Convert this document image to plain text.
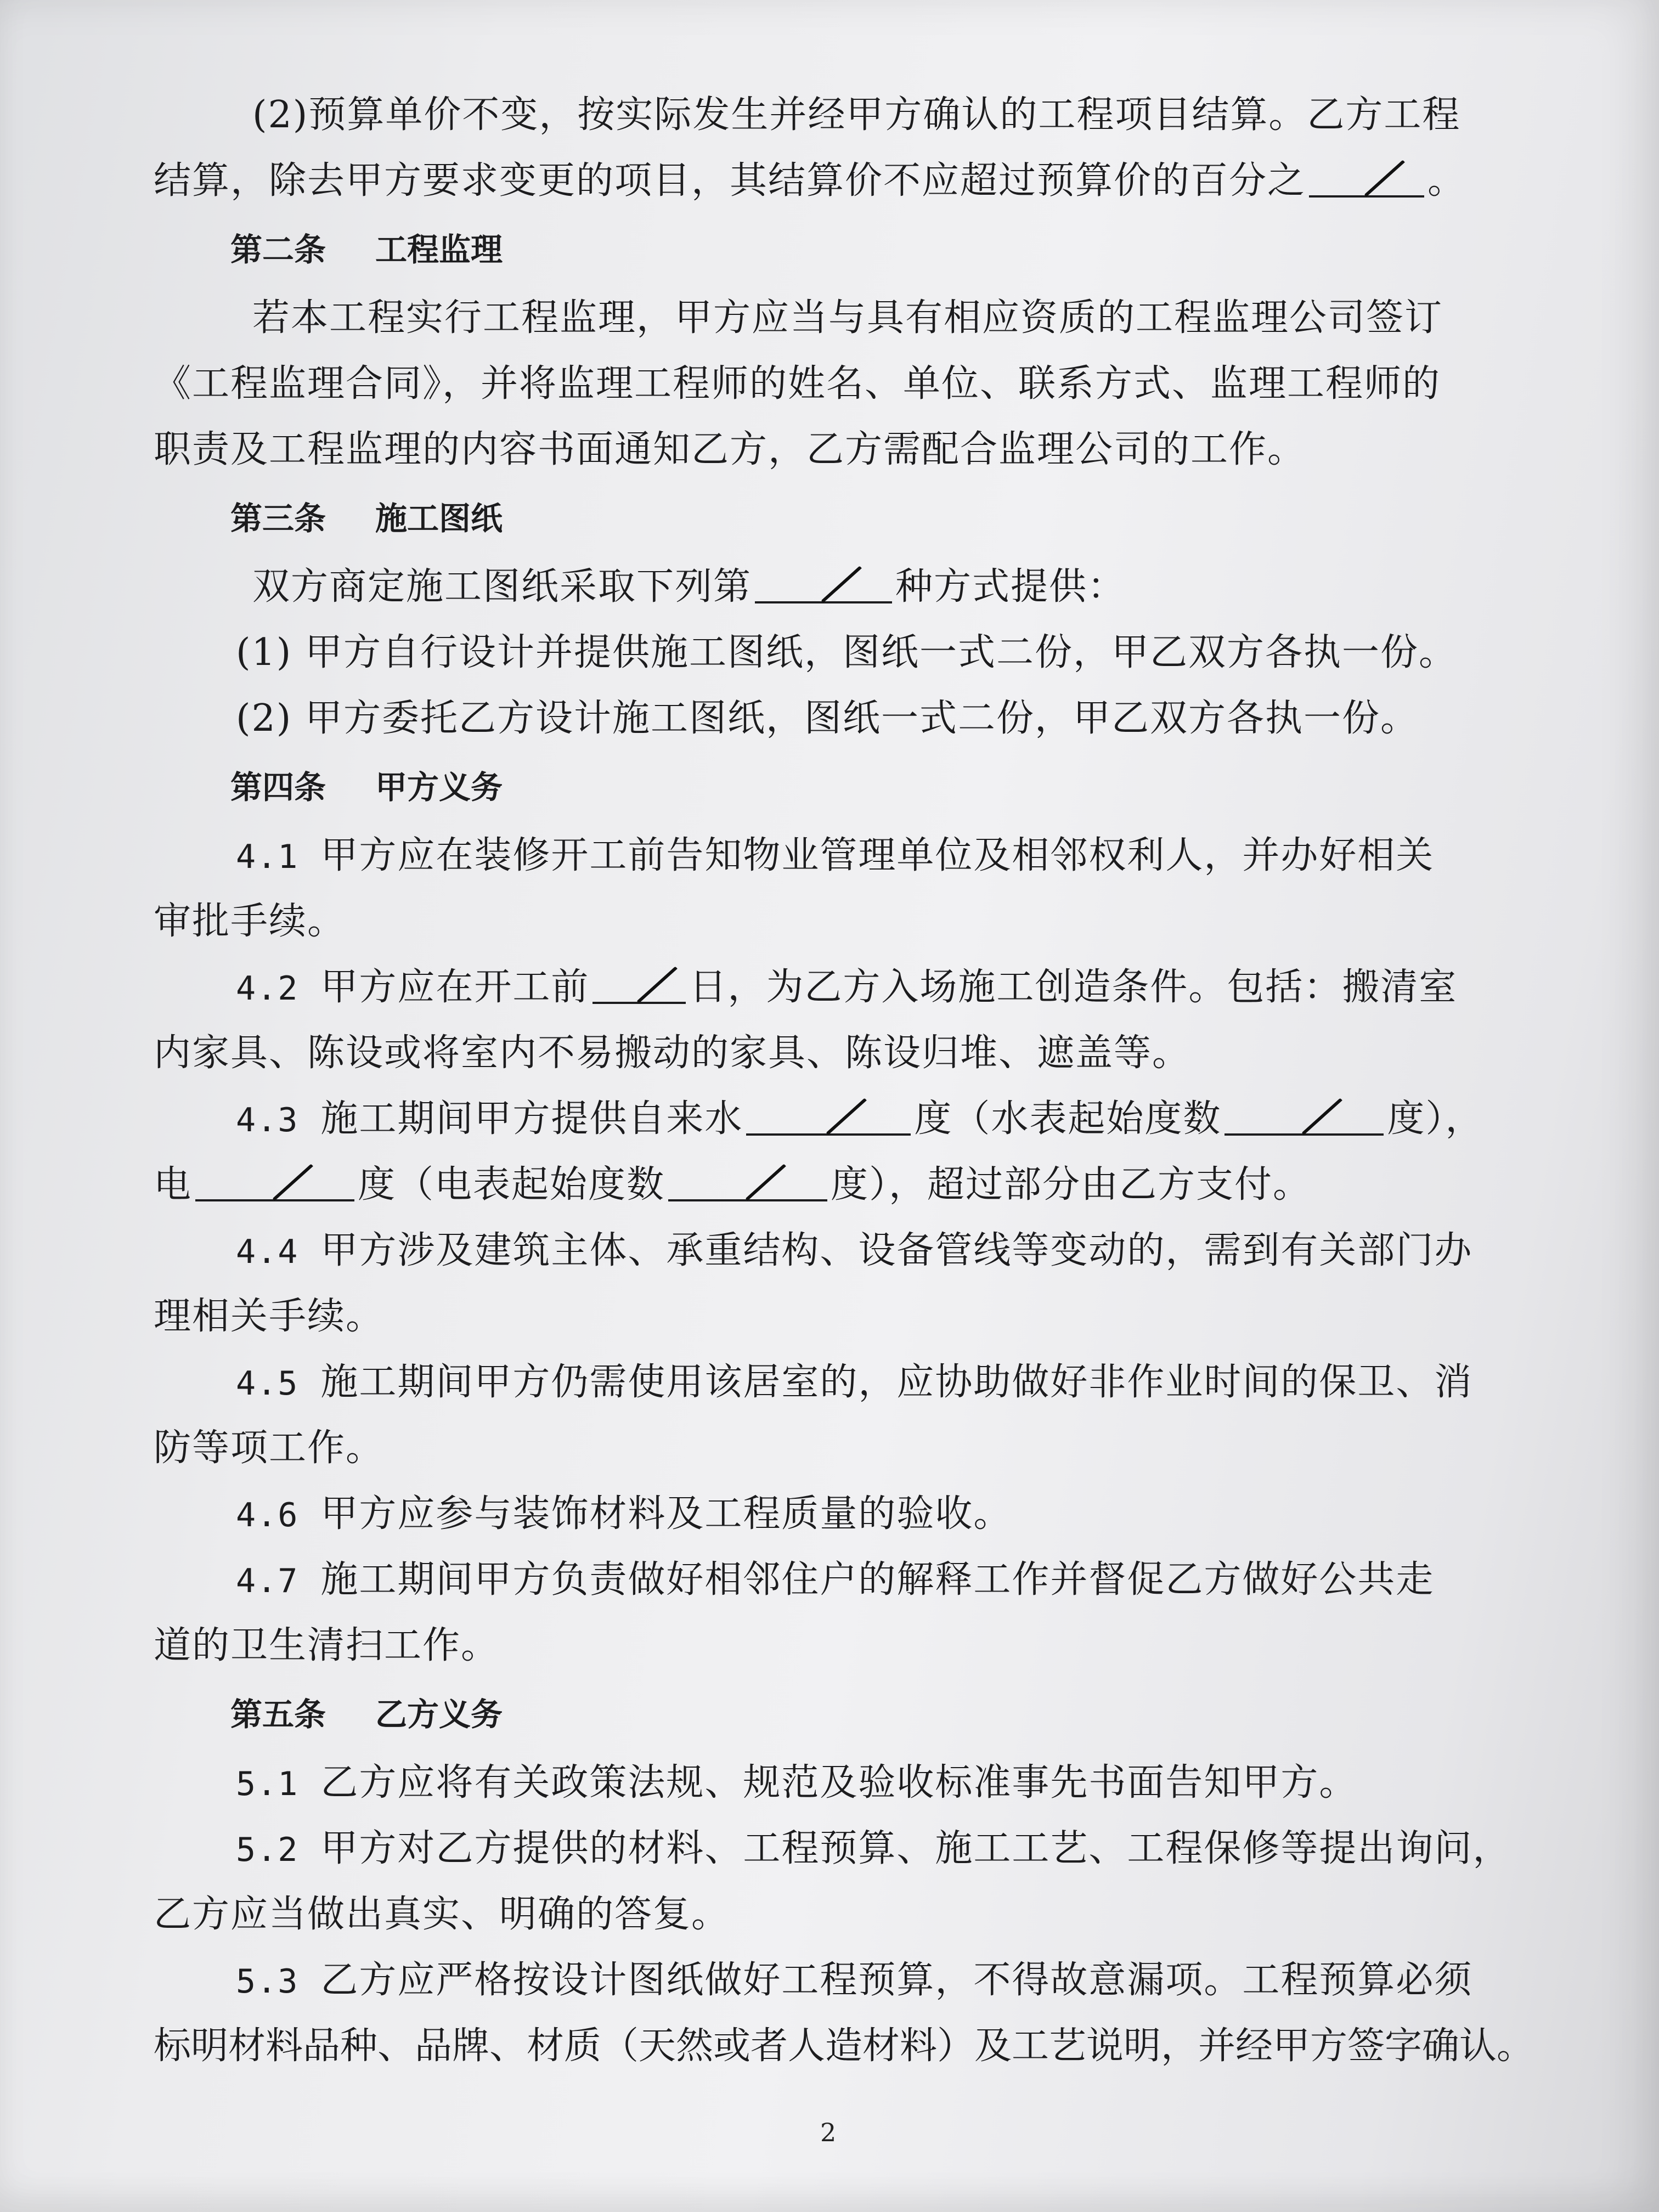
(2)预算单价不变，按实际发生并经甲方确认的工程项目结算。乙方工程
结算，除去甲方要求变更的项目，其结算价不应超过预算价的百分之	。
第二条 工程监理
若本工程实行工程监理，甲方应当与具有相应资质的工程监理公司签订
《工程监理合同》，并将监理工程师的姓名、单位、联系方式、监理工程师的
职责及工程监理的内容书面通知乙方，乙方需配合监理公司的工作。
第三条 施工图纸
双方商定施工图纸采取下列第	种方式提供：
(1) 甲方自行设计并提供施工图纸，图纸一式二份，甲乙双方各执一份。
(2) 甲方委托乙方设计施工图纸，图纸一式二份，甲乙双方各执一份。
第四条 甲方义务
4.1 甲方应在装修开工前告知物业管理单位及相邻权利人，并办好相关
审批手续。
4.2 甲方应在开工前	日，为乙方入场施工创造条件。包括：搬清室
内家具、陈设或将室内不易搬动的家具、陈设归堆、遮盖等。
4.3 施工期间甲方提供自来水	度（水表起始度数	度），
电	度（电表起始度数	度），超过部分由乙方支付。
4.4 甲方涉及建筑主体、承重结构、设备管线等变动的，需到有关部门办
理相关手续。
4.5 施工期间甲方仍需使用该居室的，应协助做好非作业时间的保卫、消
防等项工作。
4.6 甲方应参与装饰材料及工程质量的验收。
4.7 施工期间甲方负责做好相邻住户的解释工作并督促乙方做好公共走
道的卫生清扫工作。
第五条 乙方义务
5.1 乙方应将有关政策法规、规范及验收标准事先书面告知甲方。
5.2 甲方对乙方提供的材料、工程预算、施工工艺、工程保修等提出询问，
乙方应当做出真实、明确的答复。
5.3 乙方应严格按设计图纸做好工程预算，不得故意漏项。工程预算必须
标明材料品种、品牌、材质（天然或者人造材料）及工艺说明，并经甲方签字确认。
2
